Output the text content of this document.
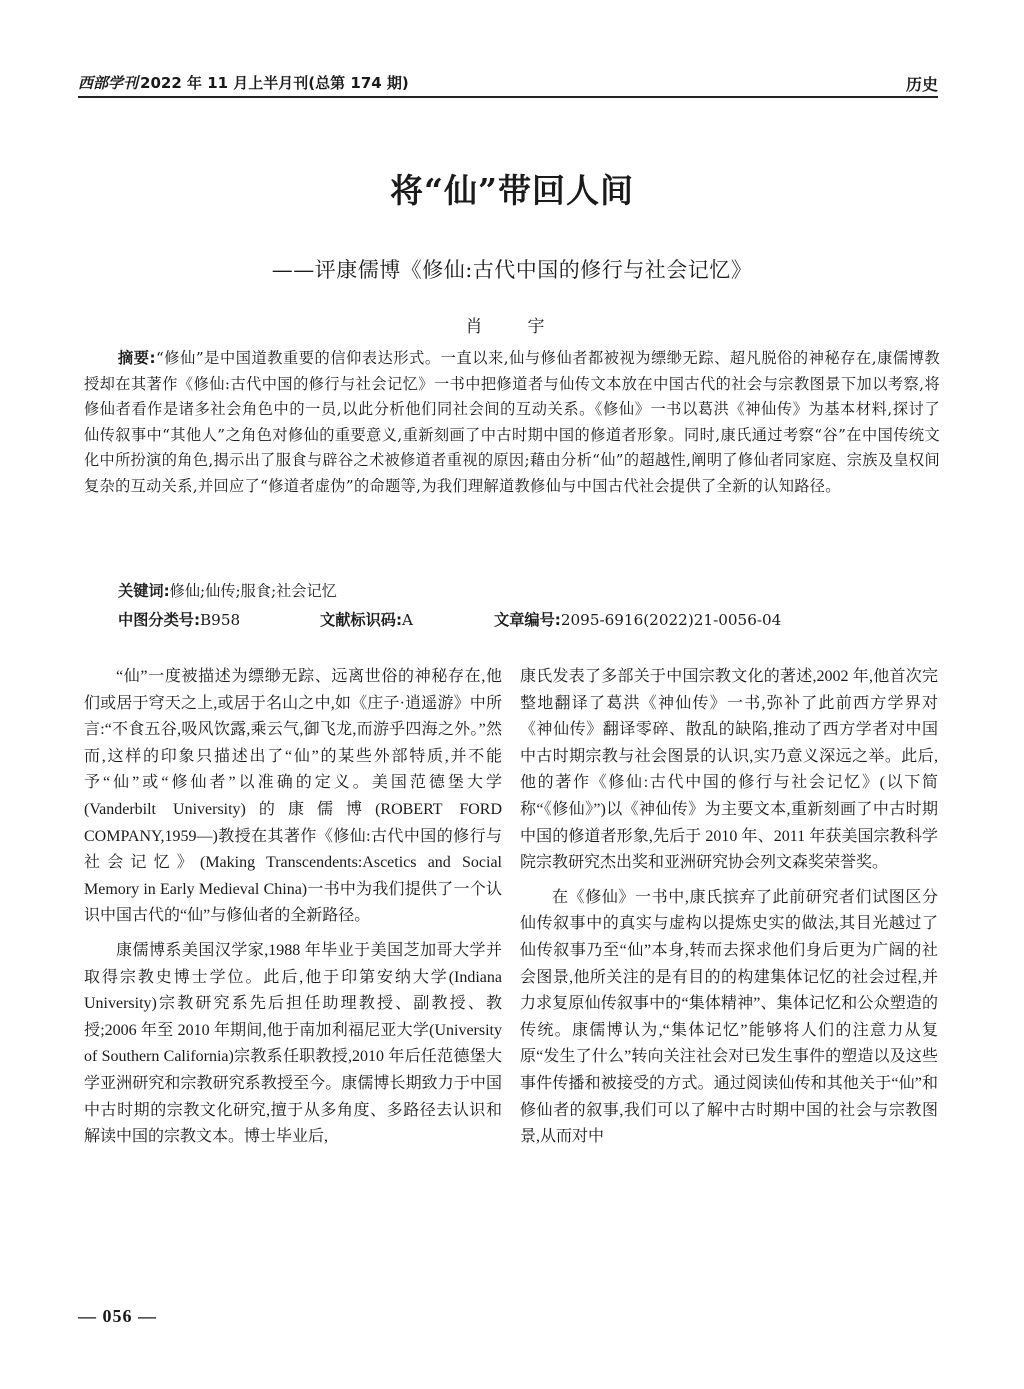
西部学刊 2022 年 11 月上半月刊(总第 174 期)	历史
将“仙”带回人间
——评康儒博《修仙:古代中国的修行与社会记忆》
肖　宇
摘要:“修仙”是中国道教重要的信仰表达形式。一直以来,仙与修仙者都被视为缥缈无踪、超凡脱俗的神秘存在,康儒博教授却在其著作《修仙:古代中国的修行与社会记忆》一书中把修道者与仙传文本放在中国古代的社会与宗教图景下加以考察,将修仙者看作是诸多社会角色中的一员,以此分析他们同社会间的互动关系。《修仙》一书以葛洪《神仙传》为基本材料,探讨了仙传叙事中“其他人”之角色对修仙的重要意义,重新刻画了中古时期中国的修道者形象。同时,康氏通过考察“谷”在中国传统文化中所扮演的角色,揭示出了服食与辟谷之术被修道者重视的原因;藉由分析“仙”的超越性,阐明了修仙者同家庭、宗族及皇权间复杂的互动关系,并回应了“修道者虚伪”的命题等,为我们理解道教修仙与中国古代社会提供了全新的认知路径。
关键词:修仙;仙传;服食;社会记忆
中图分类号:B958	文献标识码:A	文章编号:2095-6916(2022)21-0056-04

“仙”一度被描述为缥缈无踪、远离世俗的神秘存在,他们或居于穹天之上,或居于名山之中,如《庄子·逍遥游》中所言:“不食五谷,吸风饮露,乘云气,御飞龙,而游乎四海之外。”然而,这样的印象只描述出了“仙”的某些外部特质,并不能予“仙”或“修仙者”以准确的定义。美国范德堡大学(Vanderbilt University)的康儒博(ROBERT FORD COMPANY,1959—)教授在其著作《修仙:古代中国的修行与社会记忆》(Making Transcendents:Ascetics and Social Memory in Early Medieval China)一书中为我们提供了一个认识中国古代的“仙”与修仙者的全新路径。

康儒博系美国汉学家,1988 年毕业于美国芝加哥大学并取得宗教史博士学位。此后,他于印第安纳大学(Indiana University)宗教研究系先后担任助理教授、副教授、教授;2006 年至 2010 年期间,他于南加利福尼亚大学(University of Southern California)宗教系任职教授,2010 年后任范德堡大学亚洲研究和宗教研究系教授至今。康儒博长期致力于中国中古时期的宗教文化研究,擅于从多角度、多路径去认识和解读中国的宗教文本。博士毕业后,

康氏发表了多部关于中国宗教文化的著述,2002 年,他首次完整地翻译了葛洪《神仙传》一书,弥补了此前西方学界对《神仙传》翻译零碎、散乱的缺陷,推动了西方学者对中国中古时期宗教与社会图景的认识,实乃意义深远之举。此后,他的著作《修仙:古代中国的修行与社会记忆》(以下简称“《修仙》”)以《神仙传》为主要文本,重新刻画了中古时期中国的修道者形象,先后于 2010 年、2011 年获美国宗教科学院宗教研究杰出奖和亚洲研究协会列文森奖荣誉奖。

在《修仙》一书中,康氏摈弃了此前研究者们试图区分仙传叙事中的真实与虚构以提炼史实的做法,其目光越过了仙传叙事乃至“仙”本身,转而去探求他们身后更为广阔的社会图景,他所关注的是有目的的构建集体记忆的社会过程,并力求复原仙传叙事中的“集体精神”、集体记忆和公众塑造的传统。康儒博认为,“集体记忆”能够将人们的注意力从复原“发生了什么”转向关注社会对已发生事件的塑造以及这些事件传播和被接受的方式。通过阅读仙传和其他关于“仙”和修仙者的叙事,我们可以了解中古时期中国的社会与宗教图景,从而对中

— 056 —
